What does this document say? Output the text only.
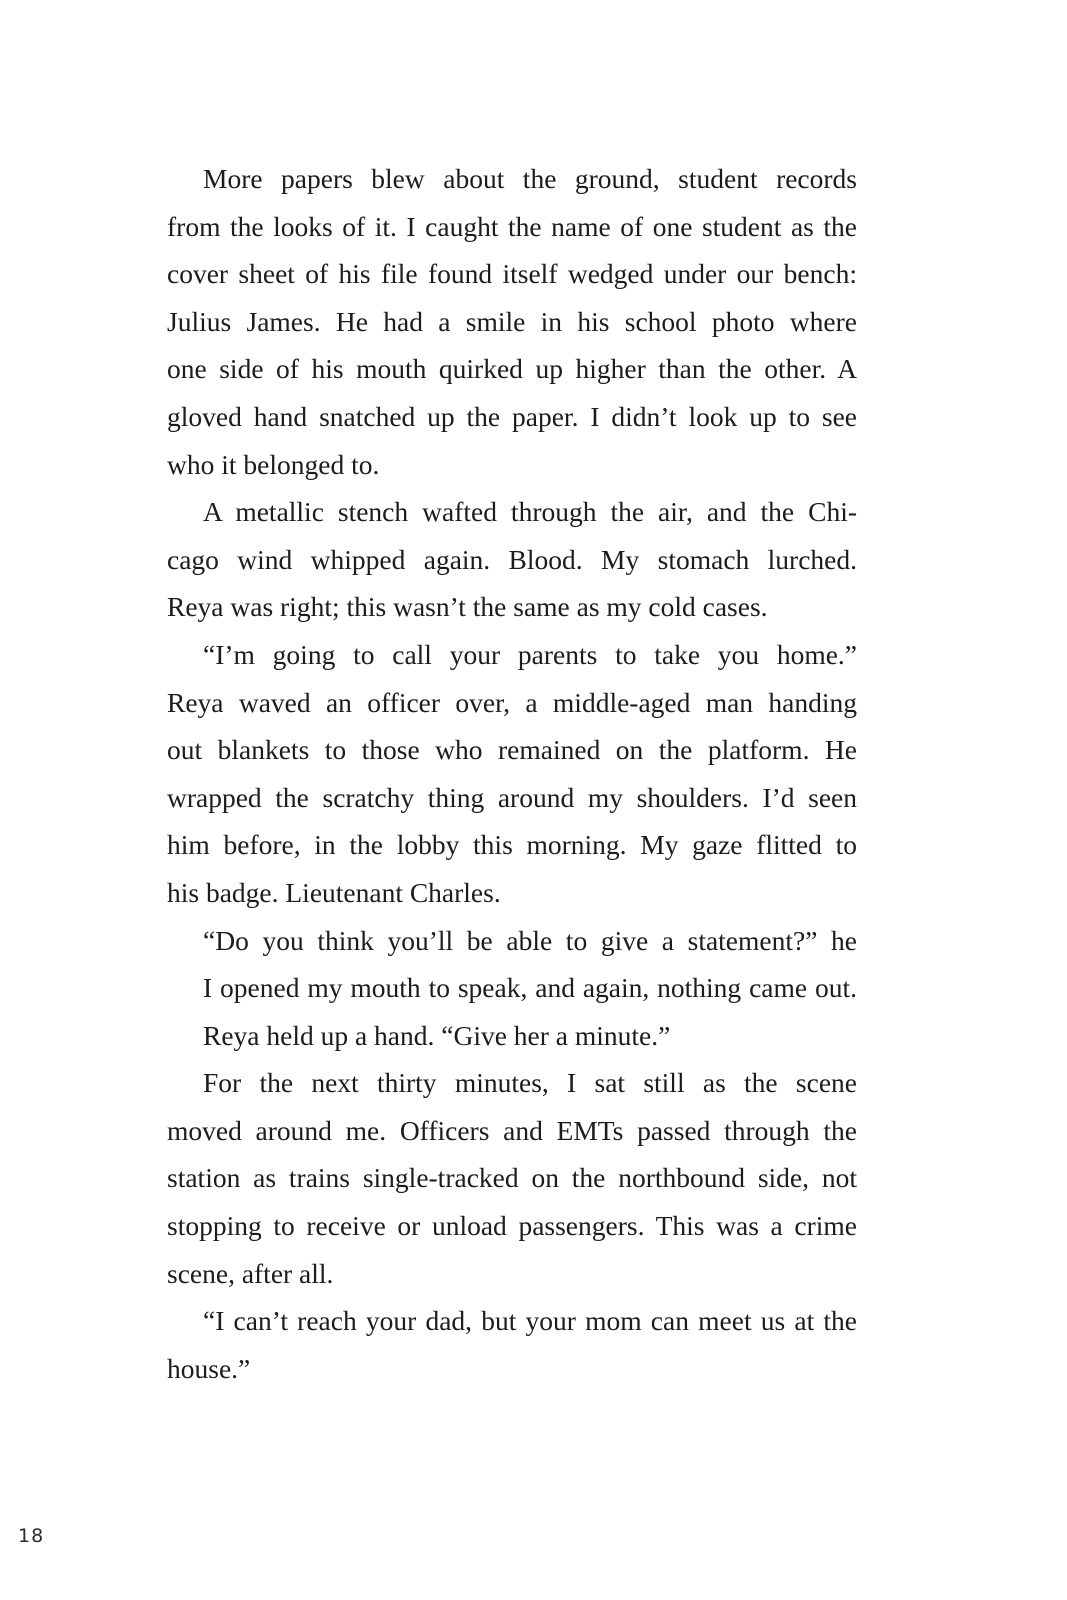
More papers blew about the ground, student records
from the looks of it. I caught the name of one student as the
cover sheet of his file found itself wedged under our bench:
Julius James. He had a smile in his school photo where
one side of his mouth quirked up higher than the other. A
gloved hand snatched up the paper. I didn’t look up to see
who it belonged to.
A metallic stench wafted through the air, and the Chi-
cago wind whipped again. Blood. My stomach lurched.
Reya was right; this wasn’t the same as my cold cases.
“I’m going to call your parents to take you home.”
Reya waved an officer over, a middle-aged man handing
out blankets to those who remained on the platform. He
wrapped the scratchy thing around my shoulders. I’d seen
him before, in the lobby this morning. My gaze flitted to
his badge. Lieutenant Charles.
“Do you think you’ll be able to give a statement?” he
I opened my mouth to speak, and again, nothing came out.
Reya held up a hand. “Give her a minute.”
For the next thirty minutes, I sat still as the scene
moved around me. Officers and EMTs passed through the
station as trains single-tracked on the northbound side, not
stopping to receive or unload passengers. This was a crime
scene, after all.
“I can’t reach your dad, but your mom can meet us at the
house.”
18
